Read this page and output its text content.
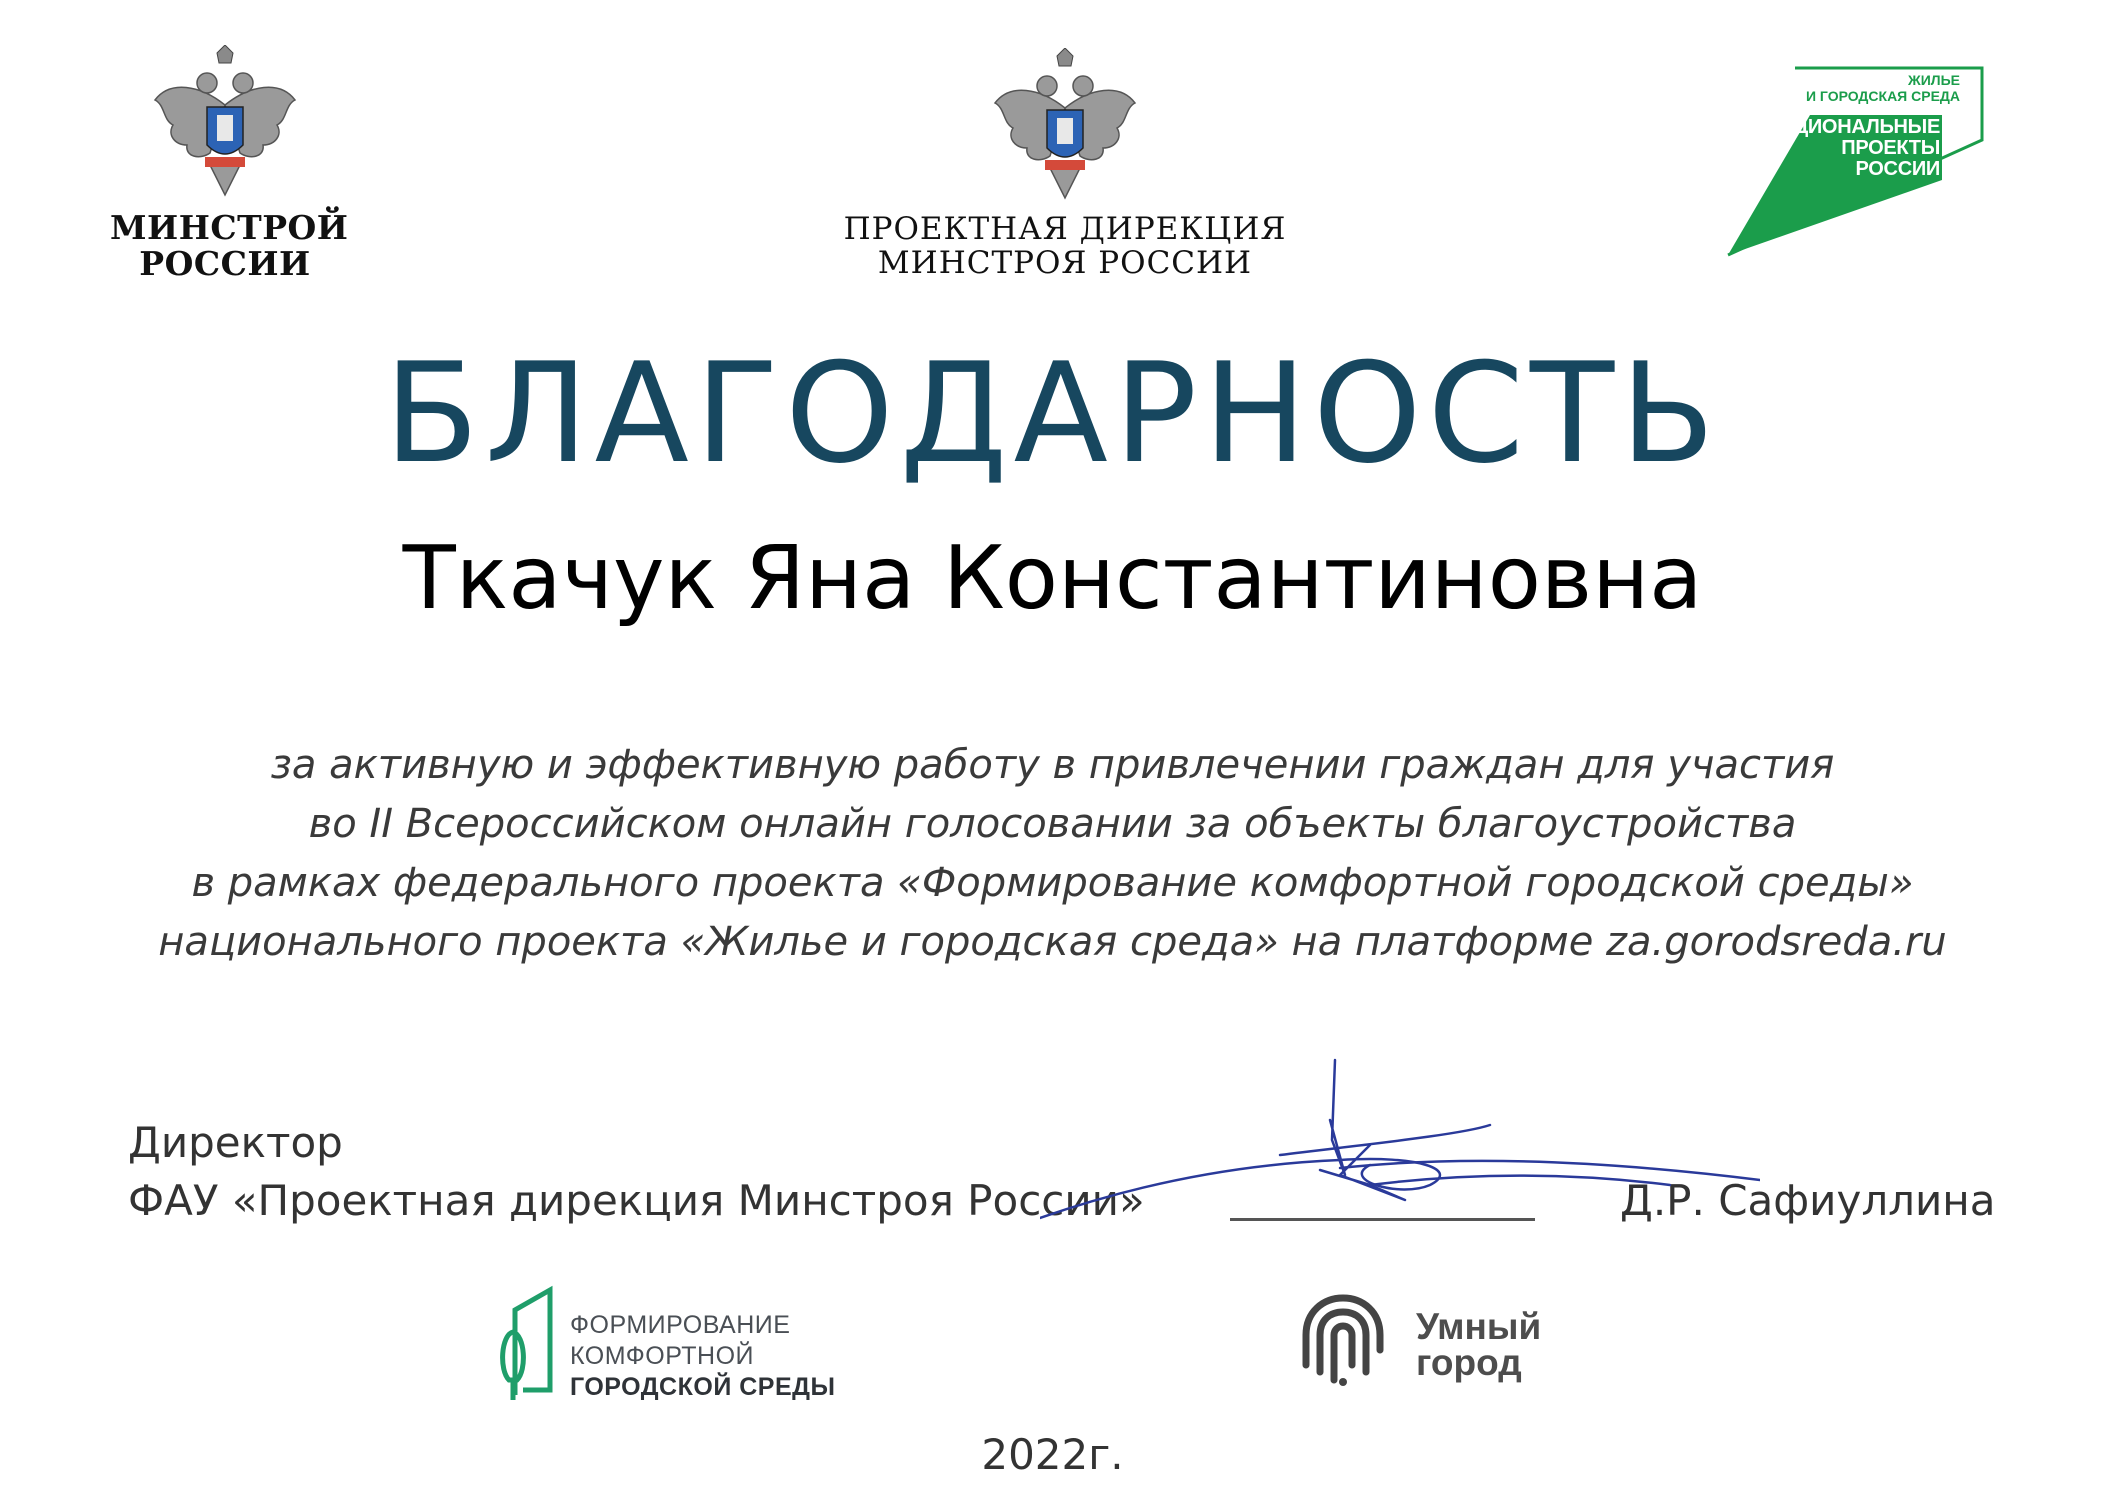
МИНСТРОЙ
РОССИИ
ПРОЕКТНАЯ ДИРЕКЦИЯ
МИНСТРОЯ РОССИИ
ЖИЛЬЕ
И ГОРОДСКАЯ СРЕДА
НАЦИОНАЛЬНЫЕ
ПРОЕКТЫ
РОССИИ
БЛАГОДАРНОСТЬ
Ткачук Яна Константиновна
за активную и эффективную работу в привлечении граждан для участия
во II Всероссийском онлайн голосовании за объекты благоустройства
в рамках федерального проекта «Формирование комфортной городской среды»
национального проекта «Жилье и городская среда» на платформе za.gorodsreda.ru
Директор
ФАУ «Проектная дирекция Минстроя России»	Д.Р. Сафиуллина
ФОРМИРОВАНИЕ
КОМФОРТНОЙ
ГОРОДСКОЙ СРЕДЫ
Умный
город
2022г.
